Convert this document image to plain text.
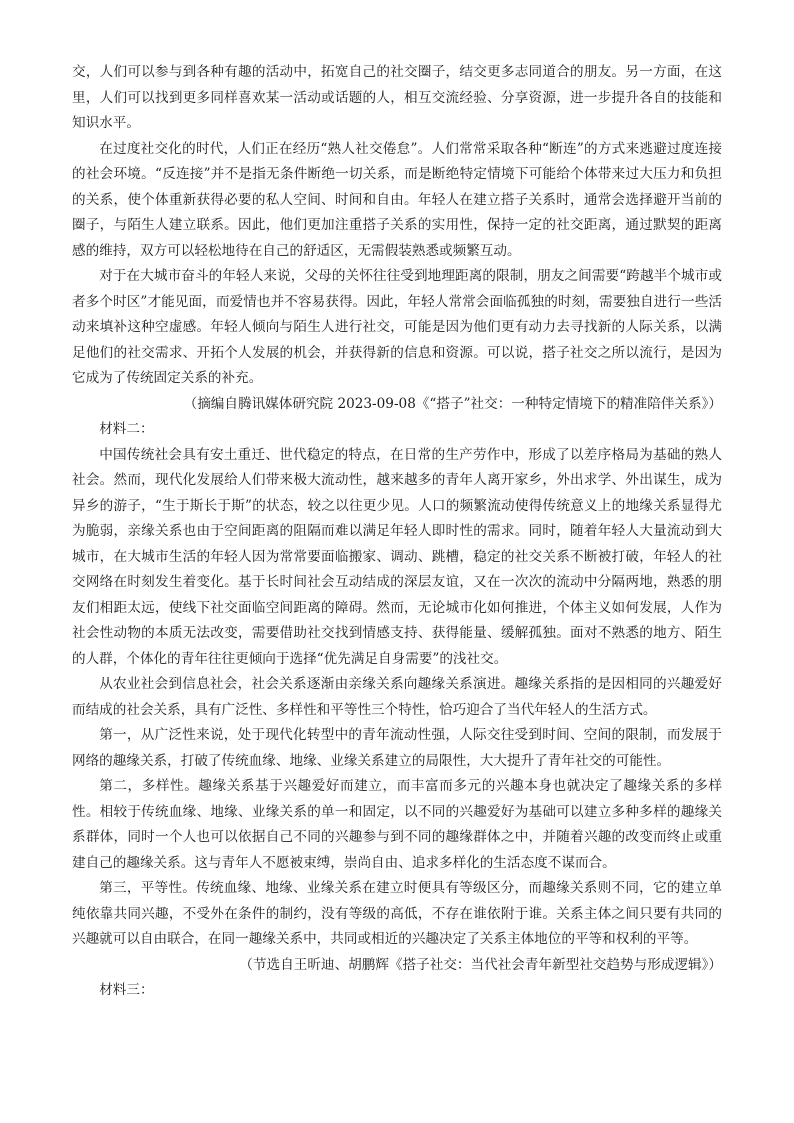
交，人们可以参与到各种有趣的活动中，拓宽自己的社交圈子，结交更多志同道合的朋友。另一方面，在这里，人们可以找到更多同样喜欢某一活动或话题的人，相互交流经验、分享资源，进一步提升各自的技能和知识水平。

在过度社交化的时代，人们正在经历“熟人社交倦怠”。人们常常采取各种“断连”的方式来逃避过度连接的社会环境。“反连接”并不是指无条件断绝一切关系，而是断绝特定情境下可能给个体带来过大压力和负担的关系，使个体重新获得必要的私人空间、时间和自由。年轻人在建立搭子关系时，通常会选择避开当前的圈子，与陌生人建立联系。因此，他们更加注重搭子关系的实用性，保持一定的社交距离，通过默契的距离感的维持，双方可以轻松地待在自己的舒适区，无需假装熟悉或频繁互动。

对于在大城市奋斗的年轻人来说，父母的关怀往往受到地理距离的限制，朋友之间需要“跨越半个城市或者多个时区”才能见面，而爱情也并不容易获得。因此，年轻人常常会面临孤独的时刻，需要独自进行一些活动来填补这种空虚感。年轻人倾向与陌生人进行社交，可能是因为他们更有动力去寻找新的人际关系，以满足他们的社交需求、开拓个人发展的机会，并获得新的信息和资源。可以说，搭子社交之所以流行，是因为它成为了传统固定关系的补充。

（摘编自腾讯媒体研究院 2023-09-08《“搭子”社交：一种特定情境下的精准陪伴关系》）

材料二：

中国传统社会具有安土重迁、世代稳定的特点，在日常的生产劳作中，形成了以差序格局为基础的熟人社会。然而，现代化发展给人们带来极大流动性，越来越多的青年人离开家乡，外出求学、外出谋生，成为异乡的游子，“生于斯长于斯”的状态，较之以往更少见。人口的频繁流动使得传统意义上的地缘关系显得尤为脆弱，亲缘关系也由于空间距离的阻隔而难以满足年轻人即时性的需求。同时，随着年轻人大量流动到大城市，在大城市生活的年轻人因为常常要面临搬家、调动、跳槽，稳定的社交关系不断被打破，年轻人的社交网络在时刻发生着变化。基于长时间社会互动结成的深层友谊，又在一次次的流动中分隔两地，熟悉的朋友们相距太远，使线下社交面临空间距离的障碍。然而，无论城市化如何推进，个体主义如何发展，人作为社会性动物的本质无法改变，需要借助社交找到情感支持、获得能量、缓解孤独。面对不熟悉的地方、陌生的人群，个体化的青年往往更倾向于选择“优先满足自身需要”的浅社交。

从农业社会到信息社会，社会关系逐渐由亲缘关系向趣缘关系演进。趣缘关系指的是因相同的兴趣爱好而结成的社会关系，具有广泛性、多样性和平等性三个特性，恰巧迎合了当代年轻人的生活方式。

第一，从广泛性来说，处于现代化转型中的青年流动性强，人际交往受到时间、空间的限制，而发展于网络的趣缘关系，打破了传统血缘、地缘、业缘关系建立的局限性，大大提升了青年社交的可能性。

第二，多样性。趣缘关系基于兴趣爱好而建立，而丰富而多元的兴趣本身也就决定了趣缘关系的多样性。相较于传统血缘、地缘、业缘关系的单一和固定，以不同的兴趣爱好为基础可以建立多种多样的趣缘关系群体，同时一个人也可以依据自己不同的兴趣参与到不同的趣缘群体之中，并随着兴趣的改变而终止或重建自己的趣缘关系。这与青年人不愿被束缚，崇尚自由、追求多样化的生活态度不谋而合。

第三，平等性。传统血缘、地缘、业缘关系在建立时便具有等级区分，而趣缘关系则不同，它的建立单纯依靠共同兴趣，不受外在条件的制约，没有等级的高低，不存在谁依附于谁。关系主体之间只要有共同的兴趣就可以自由联合，在同一趣缘关系中，共同或相近的兴趣决定了关系主体地位的平等和权利的平等。

（节选自王昕迪、胡鹏辉《搭子社交：当代社会青年新型社交趋势与形成逻辑》）

材料三：
